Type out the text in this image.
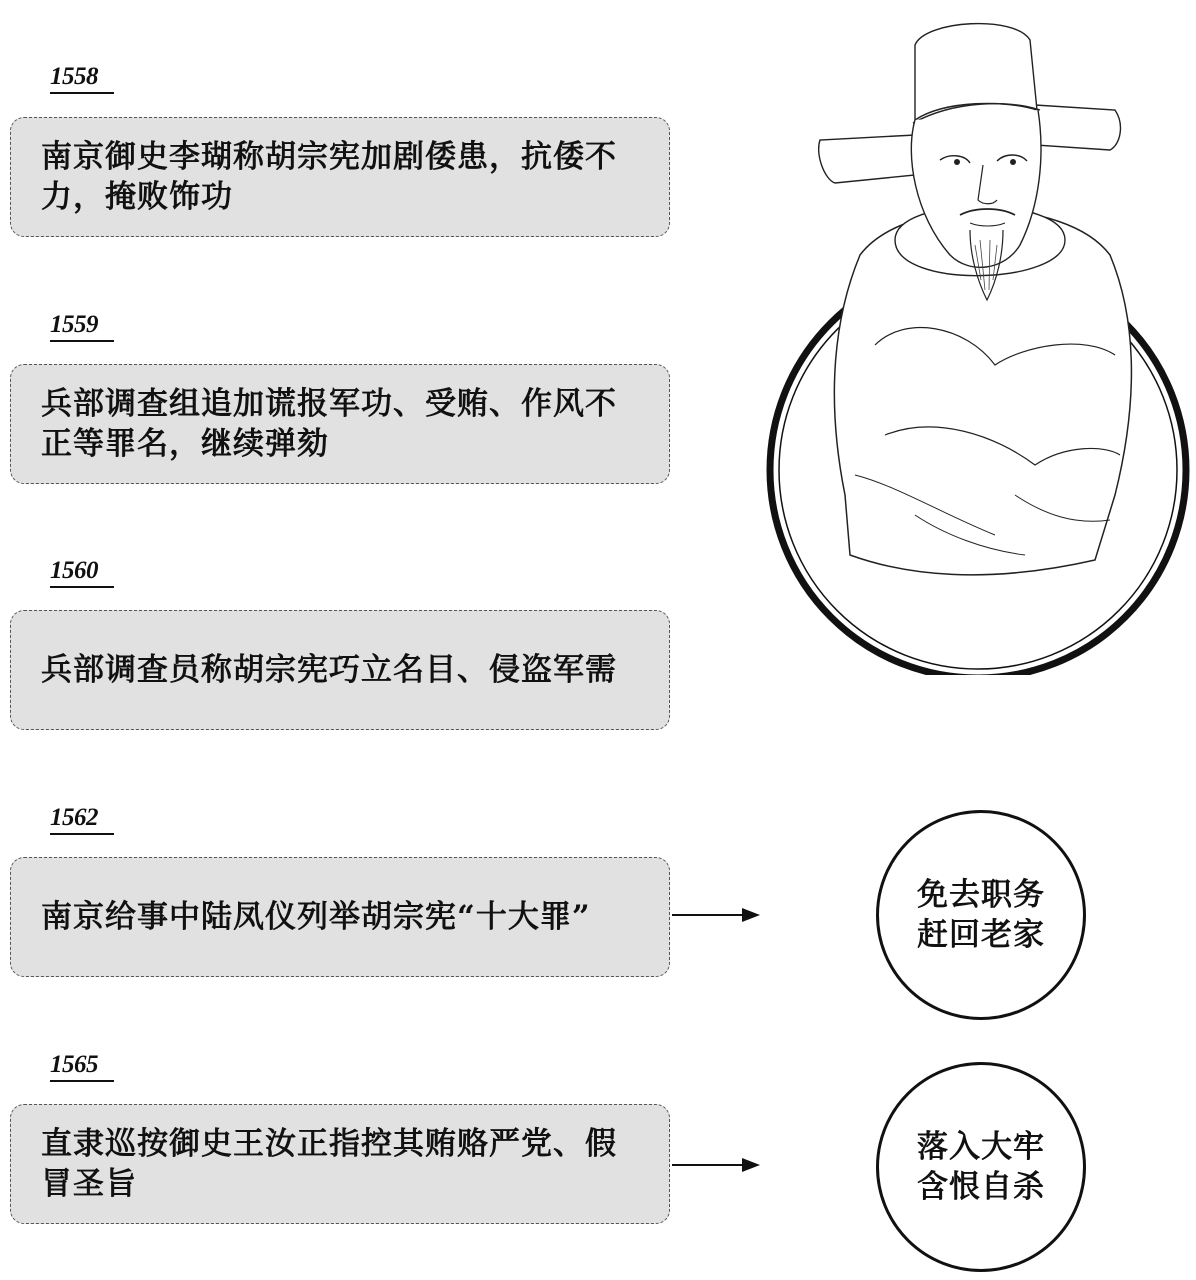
1558
南京御史李瑚称胡宗宪加剧倭患，抗倭不力，掩败饰功
1559
兵部调查组追加谎报军功、受贿、作风不正等罪名，继续弹劾
1560
兵部调查员称胡宗宪巧立名目、侵盗军需
1562
南京给事中陆凤仪列举胡宗宪“十大罪”
1565
直隶巡按御史王汝正指控其贿赂严党、假冒圣旨
免去职务
赶回老家
落入大牢
含恨自杀
